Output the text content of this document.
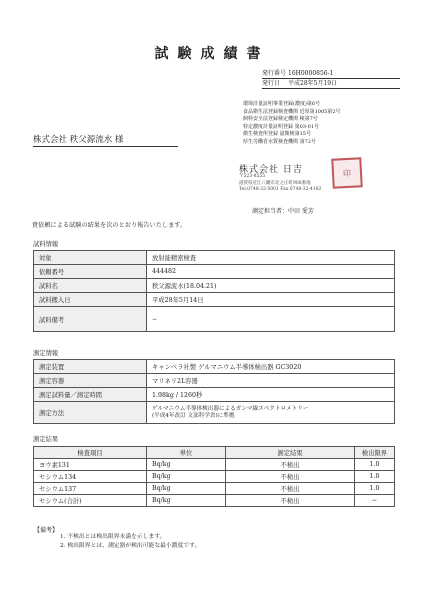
試験成績書
発行番号 16H0000856-1
発行日	平成28年5月19日
環境計量証明事業登録(濃度)第6号
食品衛生法登録検査機関 近厚第1005第2号
飼料安全法登録検定機関 検第7号
特定濃度計量証明登録 第03-01号
衛生検査所登録 滋衛検第15号
厚生労働省水質検査機関 第72号
株式会社 秩父源流水 様
株式会社 日吉
〒523-8555
滋賀県近江八幡市北之庄町908番地
Tel.0748-32-5001 Fax.0748-32-4182
印
測定担当者：中田 愛芳
貴依頼による試験の結果を次のとおり報告いたします。
試料情報
対象	放射能精密検査
依頼番号	444482
試料名	秩父源流水(18.04.21)
試料搬入日	平成28年5月14日
試料備考	−
測定情報
測定装置	キャンベラ社製 ゲルマニウム半導体検出器 GC3020
測定容器	マリネリ2L容器
測定試料量／測定時間	1.98kg / 1260秒
測定方法	ゲルマニウム半導体検出器によるガンマ線スペクトロメトリー
(平成4年改訂 文部科学省)に準拠
測定結果
検査項目	単位	測定結果	検出限界
ヨウ素131	Bq/kg	不検出	1.0
セシウム134	Bq/kg	不検出	1.0
セシウム137	Bq/kg	不検出	1.0
セシウム(合計)	Bq/kg	不検出	−
【備考】
1. 不検出とは検出限界未満を示します。
2. 検出限界とは、測定器が検出可能な最小濃度です。
